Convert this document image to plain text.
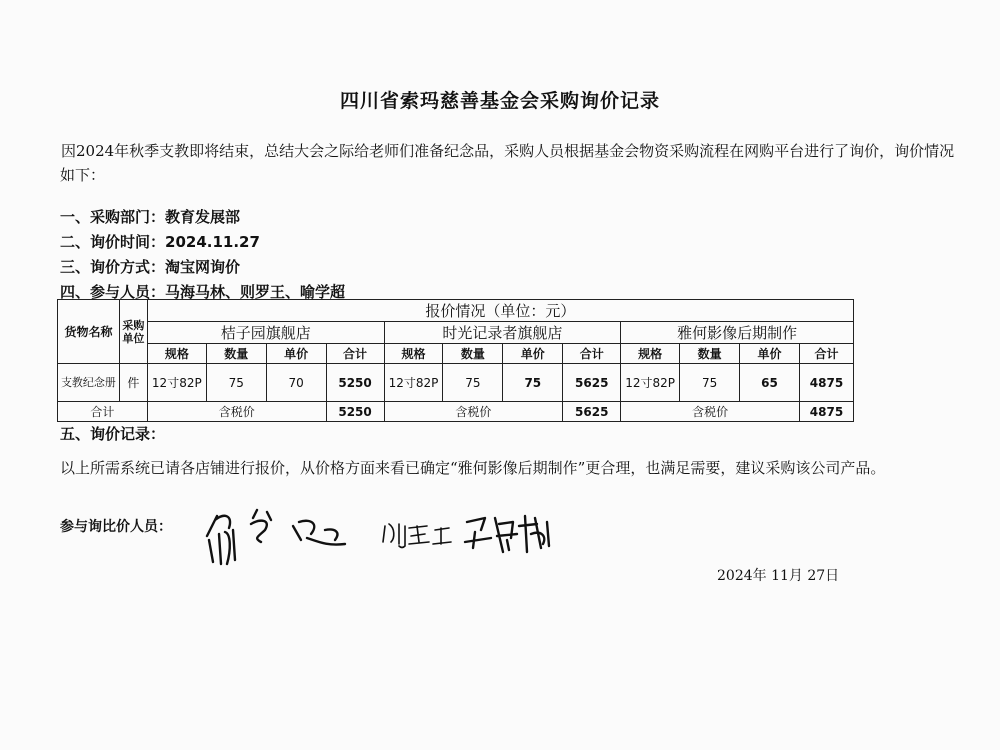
四川省索玛慈善基金会采购询价记录
因2024年秋季支教即将结束，总结大会之际给老师们准备纪念品，采购人员根据基金会物资采购流程在网购平台进行了询价，询价情况如下：
一、采购部门：教育发展部
二、询价时间：2024.11.27
三、询价方式：淘宝网询价
四、参与人员：马海马林、则罗王、喻学超
货物名称	采购单位	报价情况（单位：元）											
		桔子园旗舰店				时光记录者旗舰店				雅何影像后期制作			
		规格	数量	单价	合计	规格	数量	单价	合计	规格	数量	单价	合计
支教纪念册	件	12寸82P	75	70	5250	12寸82P	75	75	5625	12寸82P	75	65	4875
合计		含税价			5250	含税价			5625	含税价			4875
五、询价记录：
以上所需系统已请各店铺进行报价，从价格方面来看已确定“雅何影像后期制作”更合理，也满足需要，建议采购该公司产品。
参与询比价人员：
2024年 11月 27日
